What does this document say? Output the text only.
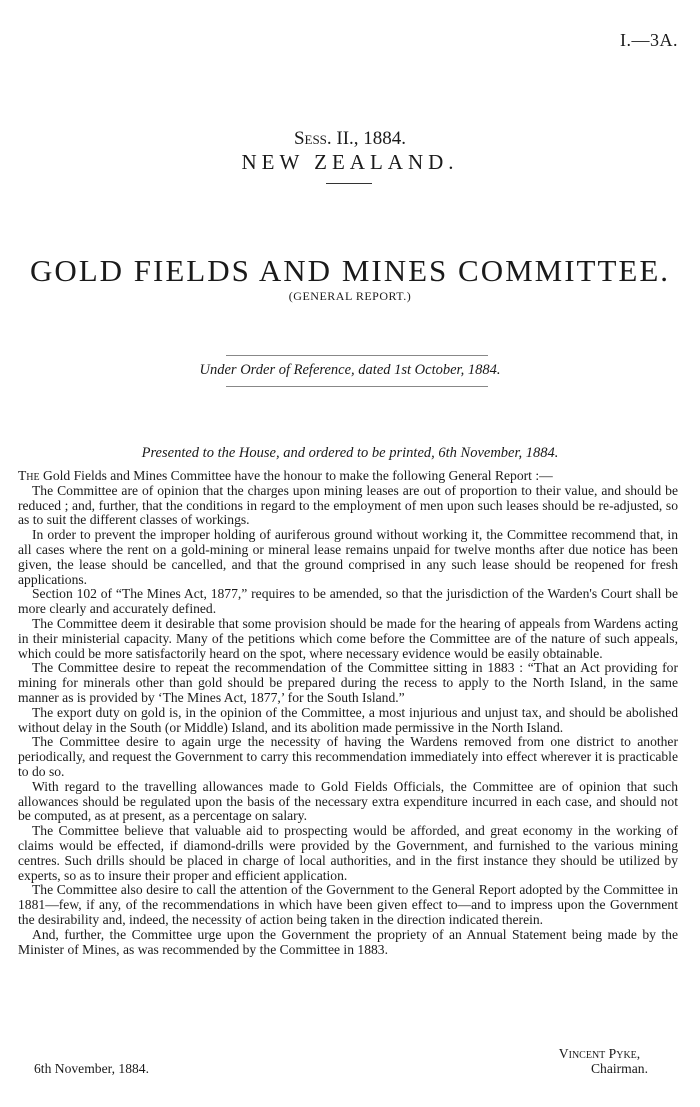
I.—3A.
Sess. II., 1884.
NEW ZEALAND.
GOLD FIELDS AND MINES COMMITTEE.
(GENERAL REPORT.)
Under Order of Reference, dated 1st October, 1884.
Presented to the House, and ordered to be printed, 6th November, 1884.

The Gold Fields and Mines Committee have the honour to make the following General Report :—

The Committee are of opinion that the charges upon mining leases are out of proportion to their value, and should be reduced ; and, further, that the conditions in regard to the employment of men upon such leases should be re-adjusted, so as to suit the different classes of workings.

In order to prevent the improper holding of auriferous ground without working it, the Committee recommend that, in all cases where the rent on a gold-mining or mineral lease remains unpaid for twelve months after due notice has been given, the lease should be cancelled, and that the ground comprised in any such lease should be reopened for fresh applications.

Section 102 of “The Mines Act, 1877,” requires to be amended, so that the jurisdiction of the Warden's Court shall be more clearly and accurately defined.

The Committee deem it desirable that some provision should be made for the hearing of appeals from Wardens acting in their ministerial capacity. Many of the petitions which come before the Committee are of the nature of such appeals, which could be more satisfactorily heard on the spot, where necessary evidence would be easily obtainable.

The Committee desire to repeat the recommendation of the Committee sitting in 1883 : “That an Act providing for mining for minerals other than gold should be prepared during the recess to apply to the North Island, in the same manner as is provided by ‘The Mines Act, 1877,’ for the South Island.”

The export duty on gold is, in the opinion of the Committee, a most injurious and unjust tax, and should be abolished without delay in the South (or Middle) Island, and its abolition made permissive in the North Island.

The Committee desire to again urge the necessity of having the Wardens removed from one district to another periodically, and request the Government to carry this recommendation immediately into effect wherever it is practicable to do so.

With regard to the travelling allowances made to Gold Fields Officials, the Committee are of opinion that such allowances should be regulated upon the basis of the necessary extra expenditure incurred in each case, and should not be computed, as at present, as a percentage on salary.

The Committee believe that valuable aid to prospecting would be afforded, and great economy in the working of claims would be effected, if diamond-drills were provided by the Government, and furnished to the various mining centres. Such drills should be placed in charge of local authorities, and in the first instance they should be utilized by experts, so as to insure their proper and efficient application.

The Committee also desire to call the attention of the Government to the General Report adopted by the Committee in 1881—few, if any, of the recommendations in which have been given effect to—and to impress upon the Government the desirability and, indeed, the necessity of action being taken in the direction indicated therein.

And, further, the Committee urge upon the Government the propriety of an Annual Statement being made by the Minister of Mines, as was recommended by the Committee in 1883.

Vincent Pyke,
Chairman.
6th November, 1884.
